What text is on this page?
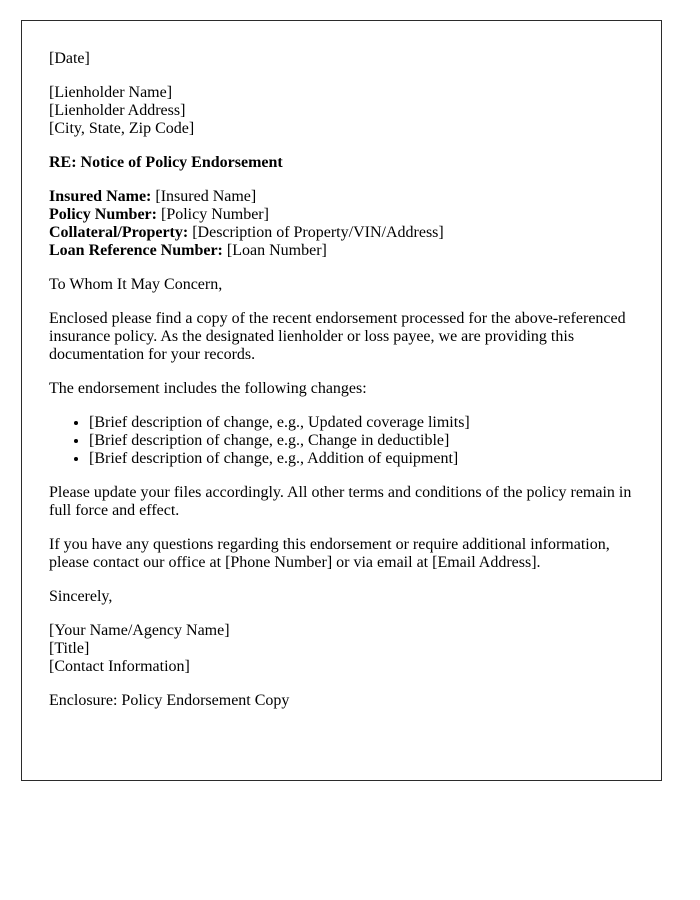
[Date]

[Lienholder Name]
[Lienholder Address]
[City, State, Zip Code]

RE: Notice of Policy Endorsement

Insured Name: [Insured Name]
Policy Number: [Policy Number]
Collateral/Property: [Description of Property/VIN/Address]
Loan Reference Number: [Loan Number]

To Whom It May Concern,

Enclosed please find a copy of the recent endorsement processed for the above-referenced insurance policy. As the designated lienholder or loss payee, we are providing this documentation for your records.

The endorsement includes the following changes:

• [Brief description of change, e.g., Updated coverage limits]
• [Brief description of change, e.g., Change in deductible]
• [Brief description of change, e.g., Addition of equipment]

Please update your files accordingly. All other terms and conditions of the policy remain in full force and effect.

If you have any questions regarding this endorsement or require additional information, please contact our office at [Phone Number] or via email at [Email Address].

Sincerely,

[Your Name/Agency Name]
[Title]
[Contact Information]

Enclosure: Policy Endorsement Copy
